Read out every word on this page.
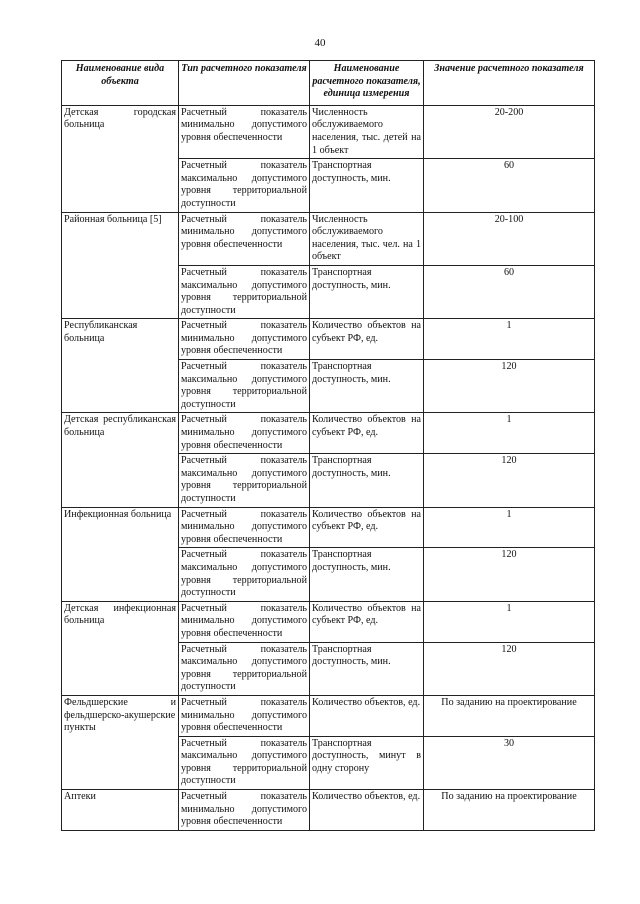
40
Наименование вида объекта	Тип расчетного показателя	Наименование расчетного показателя, единица измерения	Значение расчетного показателя
Детская городская больница	Расчетный показатель минимально допустимого уровня обеспеченности	Численность обслуживаемого населения, тыс. детей на 1 объект	20-200
	Расчетный показатель максимально допустимого уровня территориальной доступности	Транспортная доступность, мин.	60
Районная больница [5]	Расчетный показатель минимально допустимого уровня обеспеченности	Численность обслуживаемого населения, тыс. чел. на 1 объект	20-100
	Расчетный показатель максимально допустимого уровня территориальной доступности	Транспортная доступность, мин.	60
Республиканская больница	Расчетный показатель минимально допустимого уровня обеспеченности	Количество объектов на субъект РФ, ед.	1
	Расчетный показатель максимально допустимого уровня территориальной доступности	Транспортная доступность, мин.	120
Детская республиканская больница	Расчетный показатель минимально допустимого уровня обеспеченности	Количество объектов на субъект РФ, ед.	1
	Расчетный показатель максимально допустимого уровня территориальной доступности	Транспортная доступность, мин.	120
Инфекционная больница	Расчетный показатель минимально допустимого уровня обеспеченности	Количество объектов на субъект РФ, ед.	1
	Расчетный показатель максимально допустимого уровня территориальной доступности	Транспортная доступность, мин.	120
Детская инфекционная больница	Расчетный показатель минимально допустимого уровня обеспеченности	Количество объектов на субъект РФ, ед.	1
	Расчетный показатель максимально допустимого уровня территориальной доступности	Транспортная доступность, мин.	120
Фельдшерские и фельдшерско-акушерские пункты	Расчетный показатель минимально допустимого уровня обеспеченности	Количество объектов, ед.	По заданию на проектирование
	Расчетный показатель максимально допустимого уровня территориальной доступности	Транспортная доступность, минут в одну сторону	30
Аптеки	Расчетный показатель минимально допустимого уровня обеспеченности	Количество объектов, ед.	По заданию на проектирование
